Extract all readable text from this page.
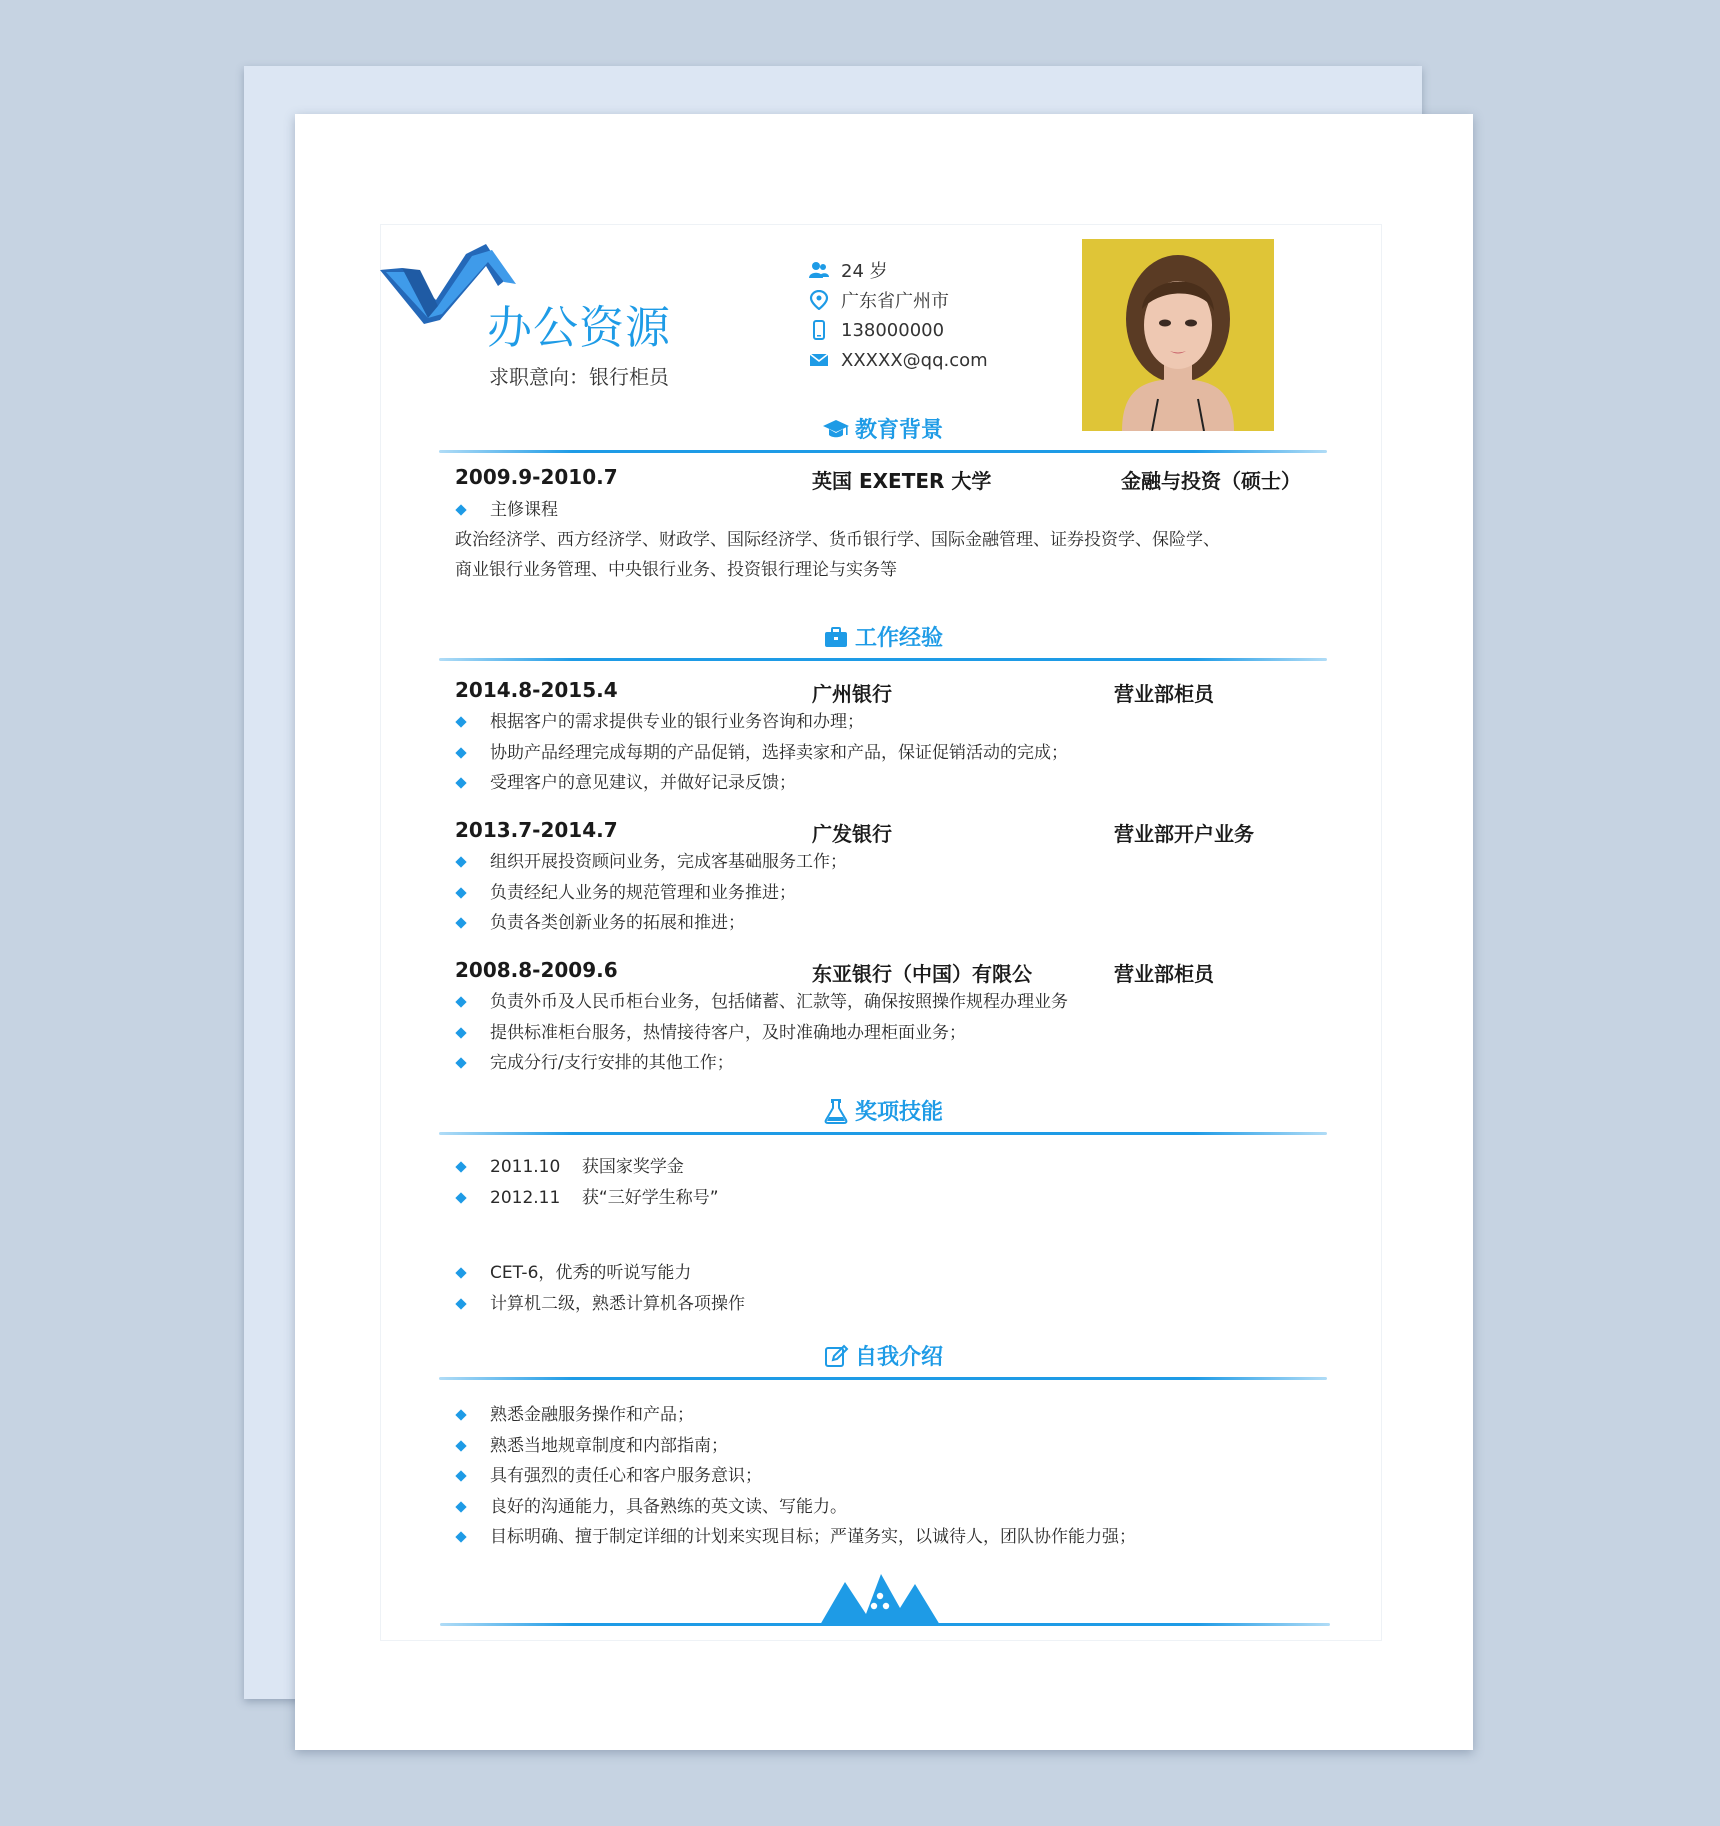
办公资源
求职意向：银行柜员
24 岁
广东省广州市
138000000
XXXXX@qq.com
教育背景
2009.9-2010.7	英国 EXETER 大学	金融与投资（硕士）
主修课程
政治经济学、西方经济学、财政学、国际经济学、货币银行学、国际金融管理、证券投资学、保险学、
商业银行业务管理、中央银行业务、投资银行理论与实务等
工作经验
2014.8-2015.4	广州银行	营业部柜员
根据客户的需求提供专业的银行业务咨询和办理；
协助产品经理完成每期的产品促销，选择卖家和产品，保证促销活动的完成；
受理客户的意见建议，并做好记录反馈；
2013.7-2014.7	广发银行	营业部开户业务
组织开展投资顾问业务，完成客基础服务工作；
负责经纪人业务的规范管理和业务推进；
负责各类创新业务的拓展和推进；
2008.8-2009.6	东亚银行（中国）有限公	营业部柜员
负责外币及人民币柜台业务，包括储蓄、汇款等，确保按照操作规程办理业务
提供标准柜台服务，热情接待客户，及时准确地办理柜面业务；
完成分行/支行安排的其他工作；
奖项技能
2011.10    获国家奖学金
2012.11    获“三好学生称号”
CET-6，优秀的听说写能力
计算机二级，熟悉计算机各项操作
自我介绍
熟悉金融服务操作和产品；
熟悉当地规章制度和内部指南；
具有强烈的责任心和客户服务意识；
良好的沟通能力，具备熟练的英文读、写能力。
目标明确、擅于制定详细的计划来实现目标；严谨务实，以诚待人，团队协作能力强；
